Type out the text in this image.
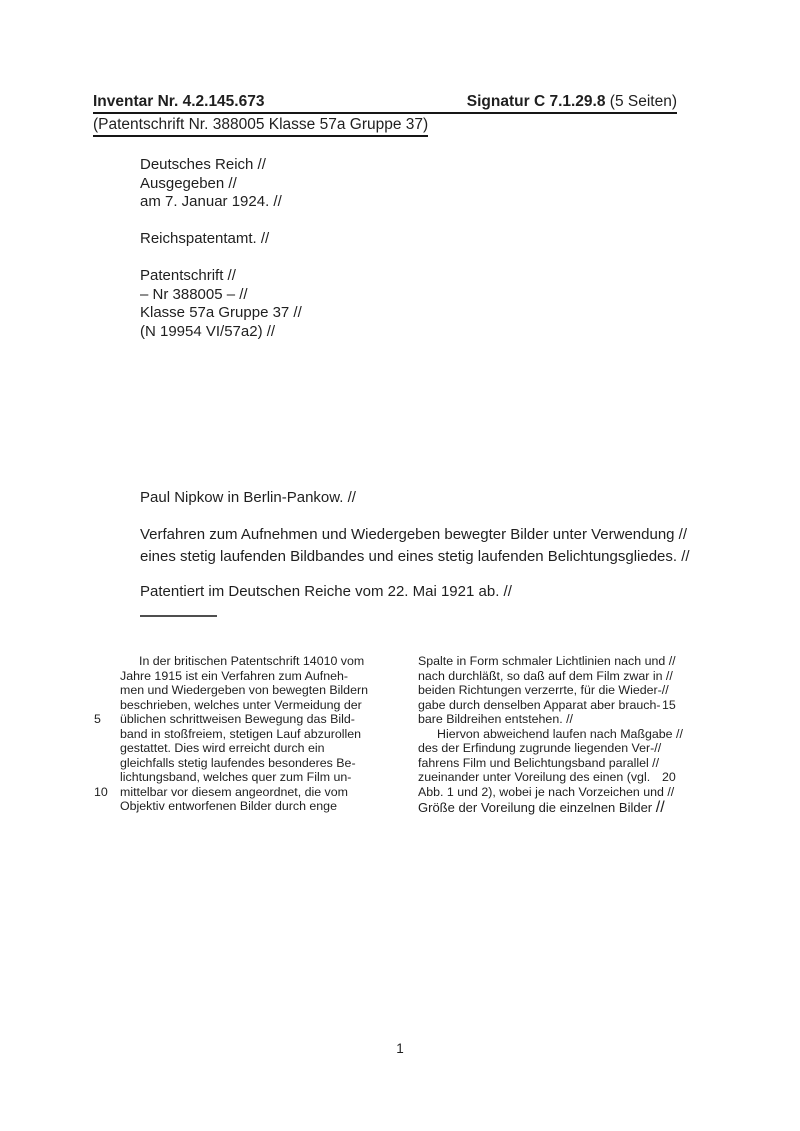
Inventar Nr. 4.2.145.673	Signatur C 7.1.29.8 (5 Seiten)
(Patentschrift Nr. 388005 Klasse 57a Gruppe 37)
Deutsches Reich //
Ausgegeben //
am 7. Januar 1924. //

Reichspatentamt. //

Patentschrift //
– Nr 388005 – //
Klasse 57a Gruppe 37 //
(N 19954 VI/57a2) //
Paul Nipkow in Berlin-Pankow. //
Verfahren zum Aufnehmen und Wiedergeben bewegter Bilder unter Verwendung //
eines stetig laufenden Bildbandes und eines stetig laufenden Belichtungsgliedes. //
Patentiert im Deutschen Reiche vom 22. Mai 1921 ab. //
In der britischen Patentschrift 14010 vom
Jahre 1915 ist ein Verfahren zum Aufneh-
men und Wiedergeben von bewegten Bildern
beschrieben, welches unter Vermeidung der
üblichen schrittweisen Bewegung das Bild-
5
band in stoßfreiem, stetigen Lauf abzurollen
gestattet. Dies wird erreicht durch ein
gleichfalls stetig laufendes besonderes Be-
lichtungsband, welches quer zum Film un-
mittelbar vor diesem angeordnet, die vom
10
Objektiv entworfenen Bilder durch enge
Spalte in Form schmaler Lichtlinien nach und //
nach durchläßt, so daß auf dem Film zwar in //
beiden Richtungen verzerrte, für die Wieder-//
gabe durch denselben Apparat aber brauch- 15
bare Bildreihen entstehen. //
Hiervon abweichend laufen nach Maßgabe //
des der Erfindung zugrunde liegenden Ver-//
fahrens Film und Belichtungsband parallel //
zueinander unter Voreilung des einen (vgl. 20
Abb. 1 und 2), wobei je nach Vorzeichen und //
Größe der Voreilung die einzelnen Bilder //
1
